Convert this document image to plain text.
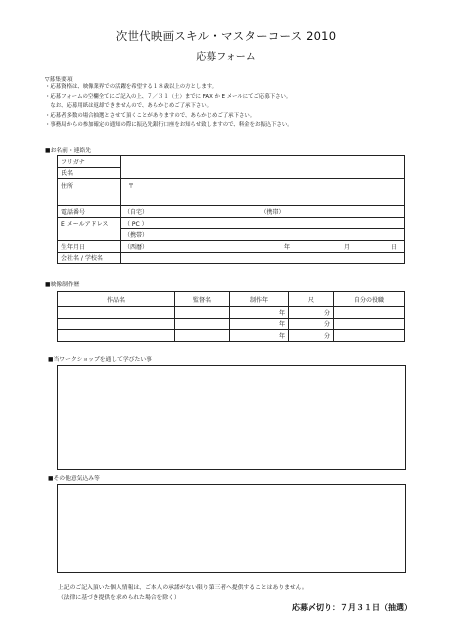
次世代映画スキル・マスターコース 2010
応募フォーム
▽募集要項
・応募資格は、映像業界での活躍を希望する１８歳以上の方とします。
・応募フォームの空欄全てにご記入の上、７／３１（土）までに FAX か E メールにてご応募下さい。
　なお、応募用紙は返却できませんので、あらかじめご了承下さい。
・応募者多数の場合抽選とさせて頂くことがありますので、あらかじめご了承下さい。
・事務局からの参加確定の通知の際に振込先銀行口座をお知らせ致しますので、料金をお振込下さい。
■お名前・連絡先
フリガナ	
氏名	
住所	〒
電話番号	（自宅） （携帯）

E メールアドレス	（ PC ）
	（携帯）
生年月日	（西暦） 年 月 日

会社名 / 学校名	
■映像制作歴
作品名	監督名	制作年	尺	自分の役職
		年	分	
		年	分	
		年	分	
■当ワークショップを通して学びたい事
■その他意気込み等
上記のご記入頂いた個人情報は、ご本人の承諾がない限り第三者へ提供することはありません。
（法律に基づき提供を求められた場合を除く）
応募〆切り：７月３１日（抽選）
